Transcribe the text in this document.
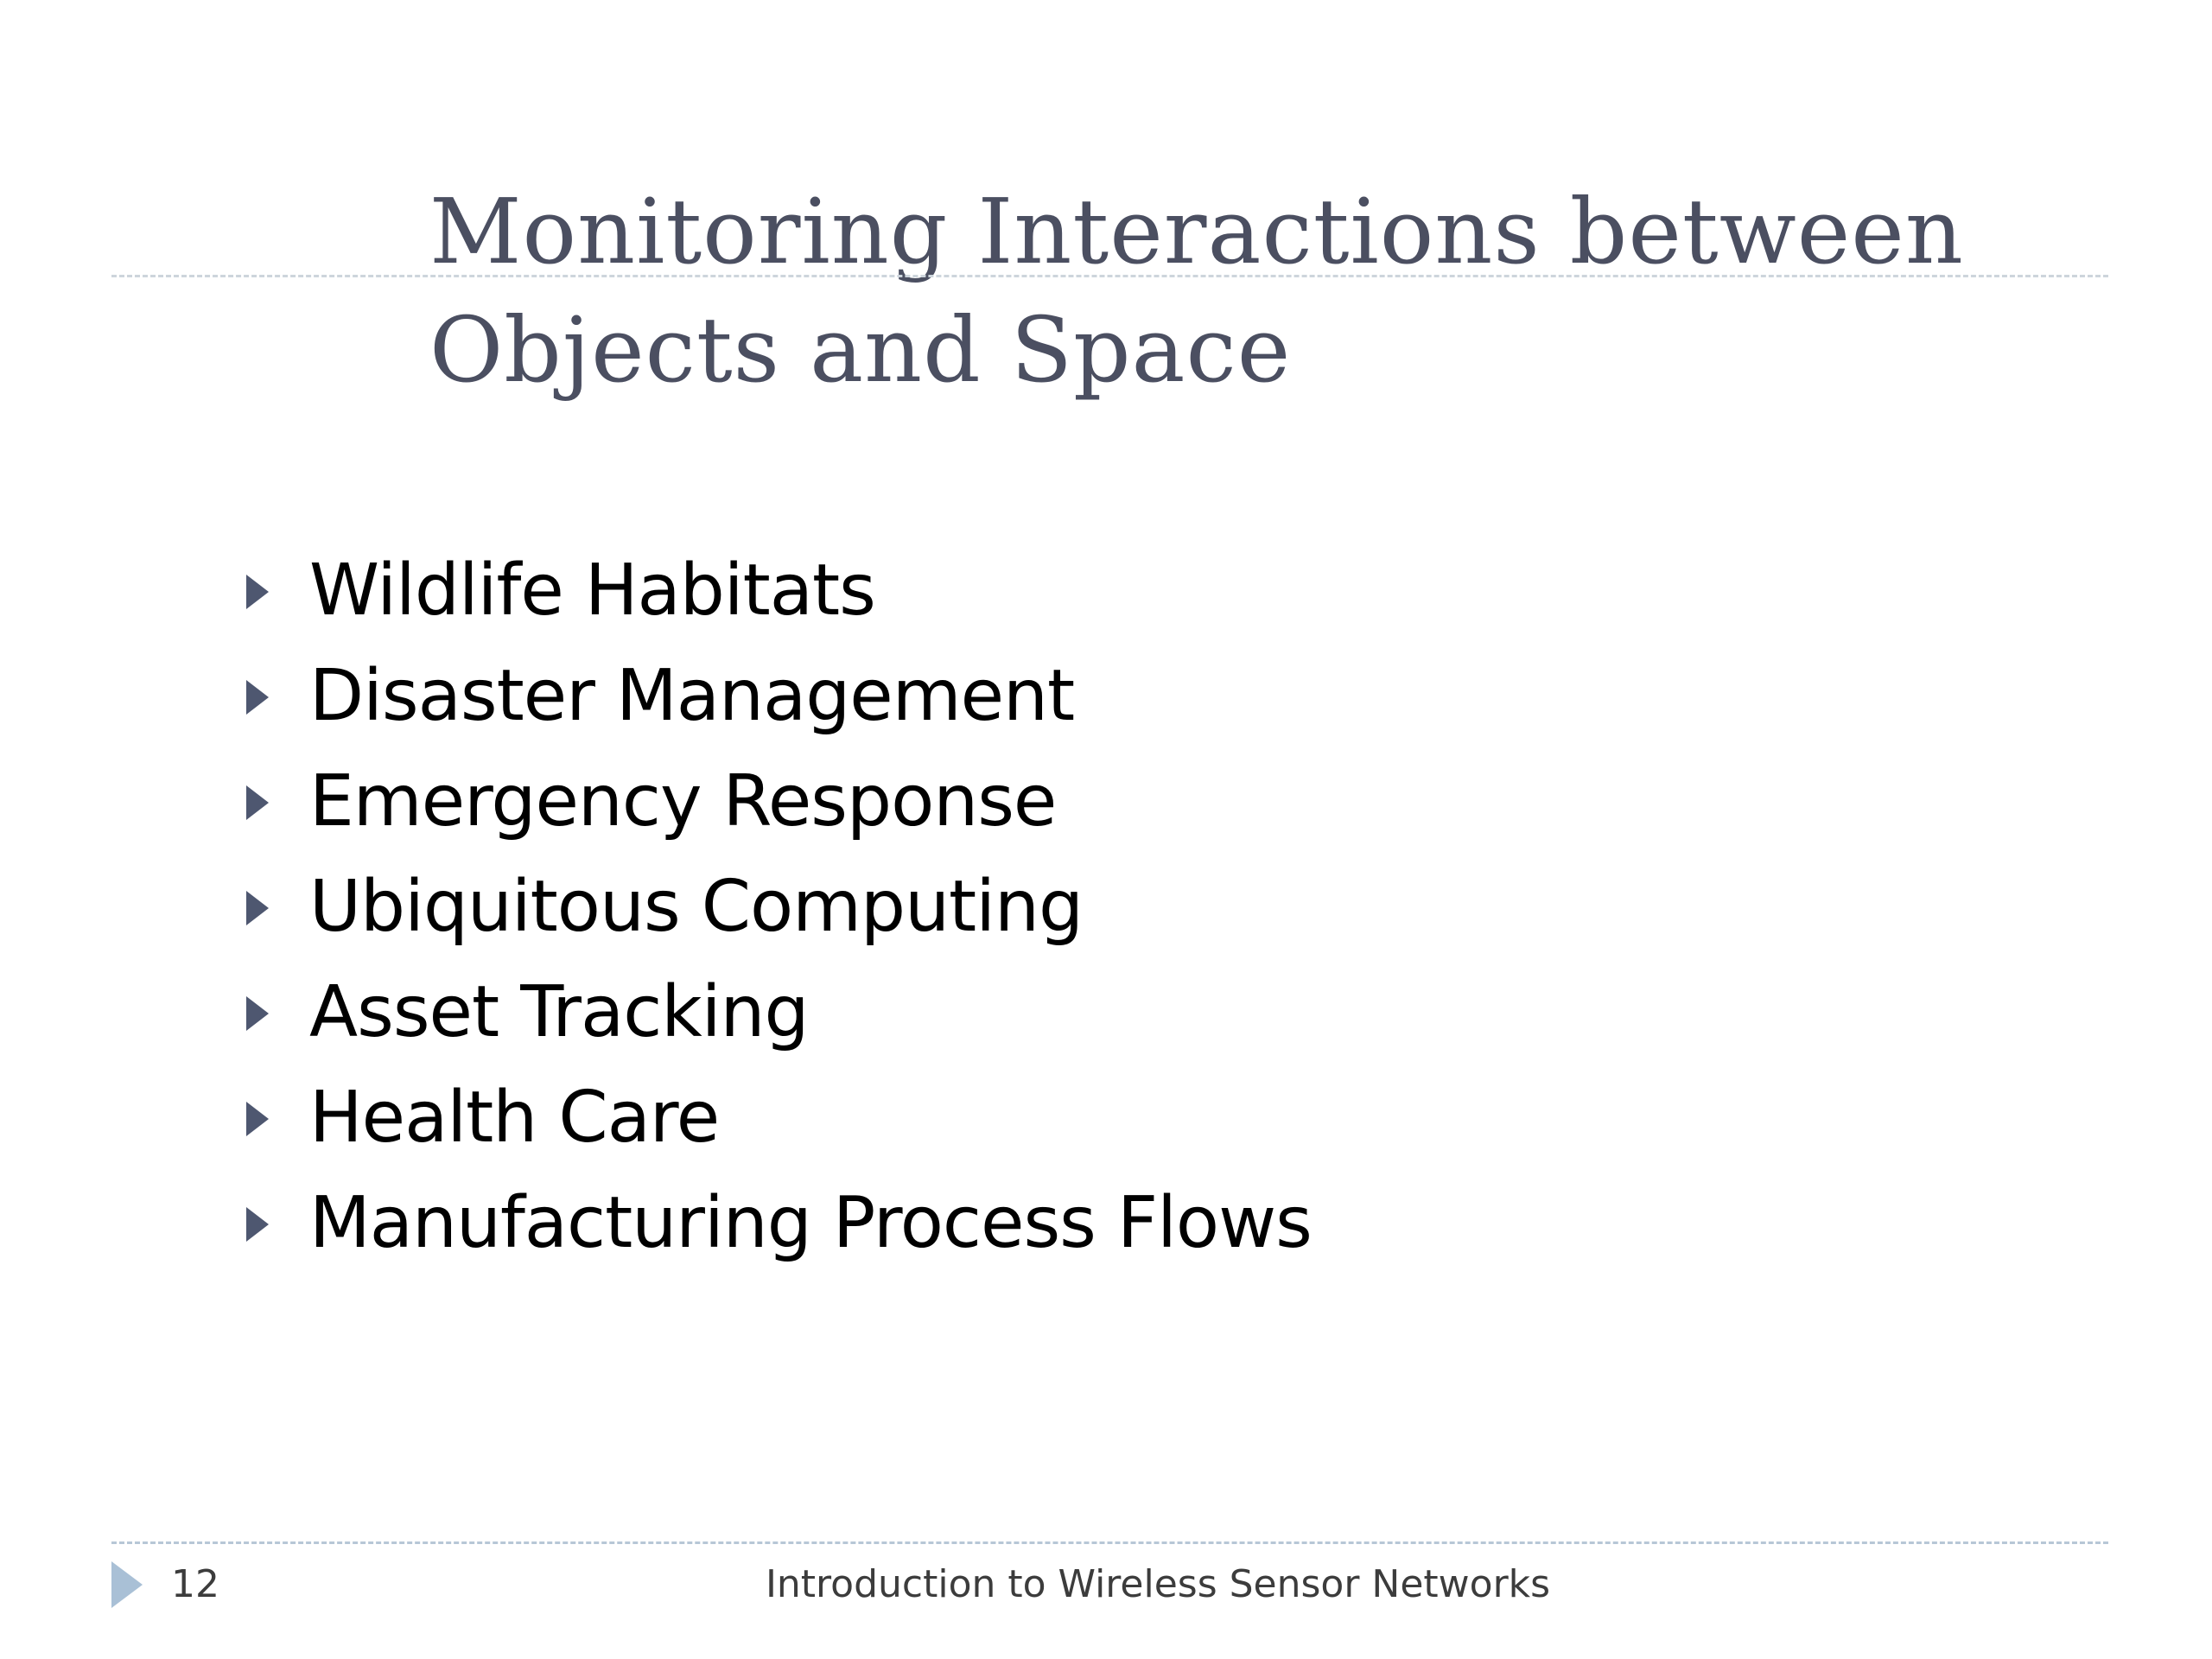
Monitoring Interactions between
Objects and Space
Wildlife Habitats
Disaster Management
Emergency Response
Ubiquitous Computing
Asset Tracking
Health Care
Manufacturing Process Flows
12	Introduction to Wireless Sensor Networks
